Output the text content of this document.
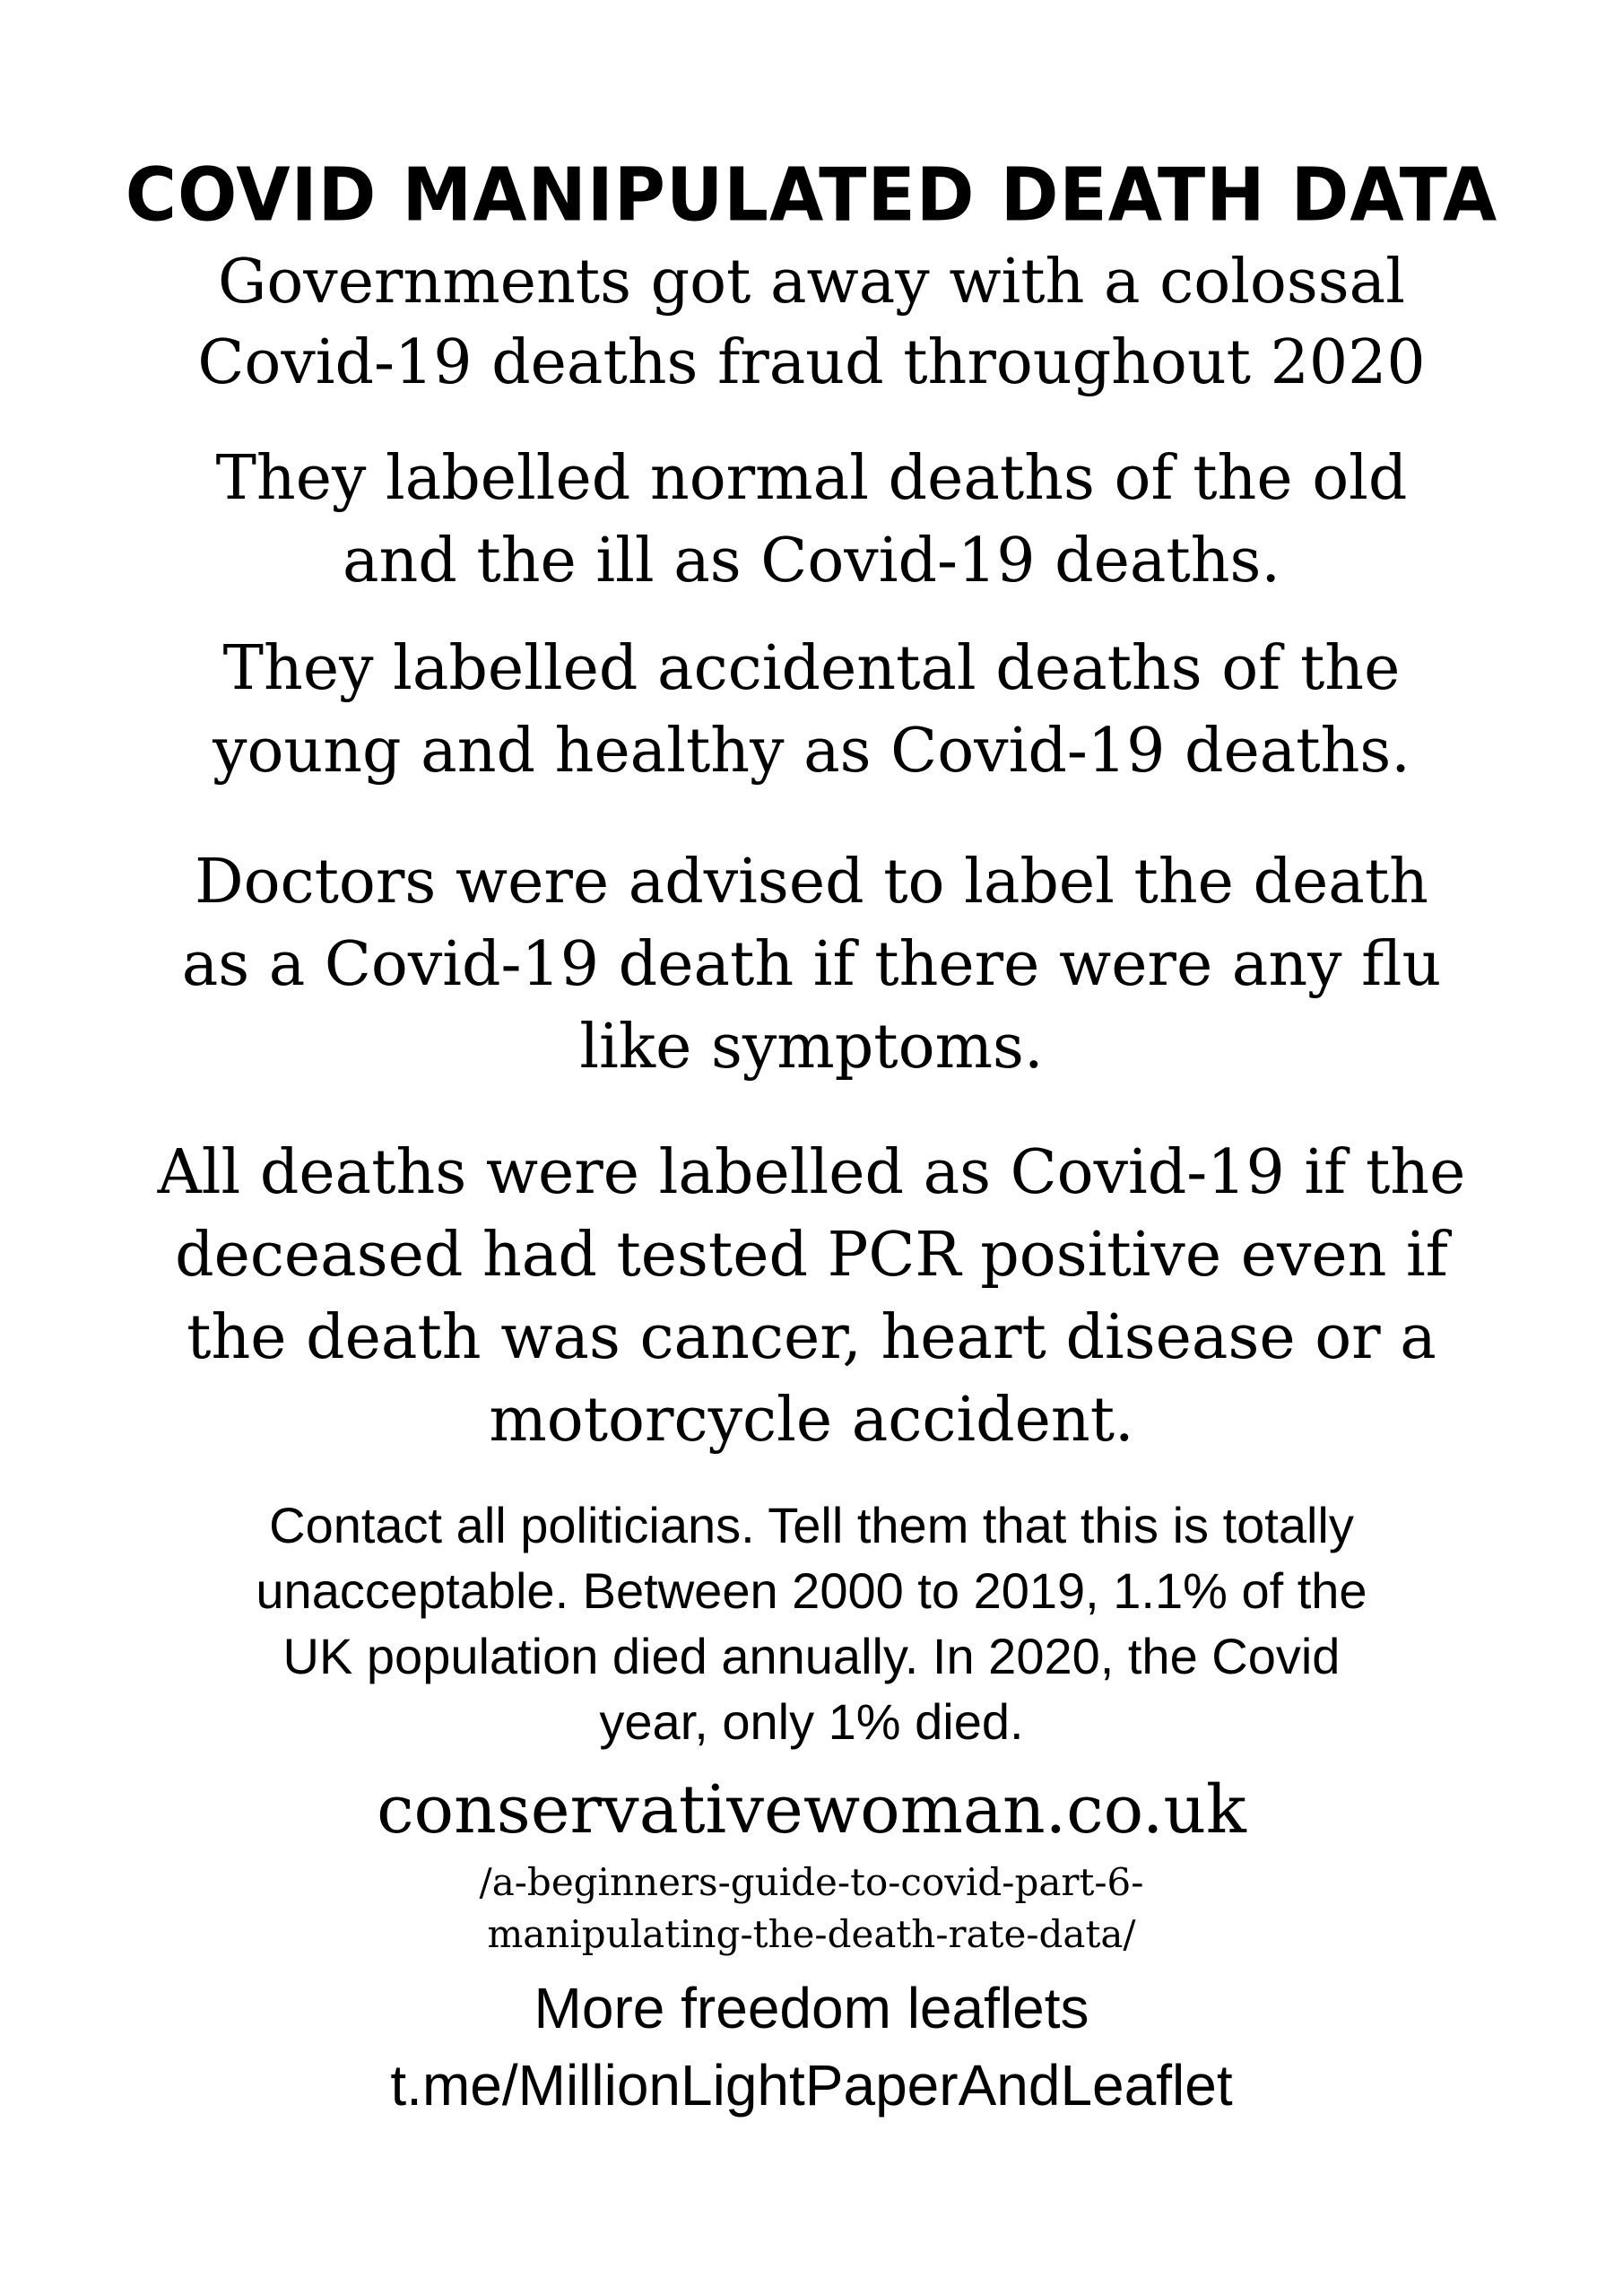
COVID MANIPULATED DEATH DATA
Governments got away with a colossal
Covid-19 deaths fraud throughout 2020
They labelled normal deaths of the old
and the ill as Covid-19 deaths.
They labelled accidental deaths of the
young and healthy as Covid-19 deaths.
Doctors were advised to label the death
as a Covid-19 death if there were any flu
like symptoms.
All deaths were labelled as Covid-19 if the
deceased had tested PCR positive even if
the death was cancer, heart disease or a
motorcycle accident.
Contact all politicians. Tell them that this is totally
unacceptable. Between 2000 to 2019, 1.1% of the
UK population died annually. In 2020, the Covid
year, only 1% died.
conservativewoman.co.uk
/a-beginners-guide-to-covid-part-6-
manipulating-the-death-rate-data/
More freedom leaflets
t.me/MillionLightPaperAndLeaflet
